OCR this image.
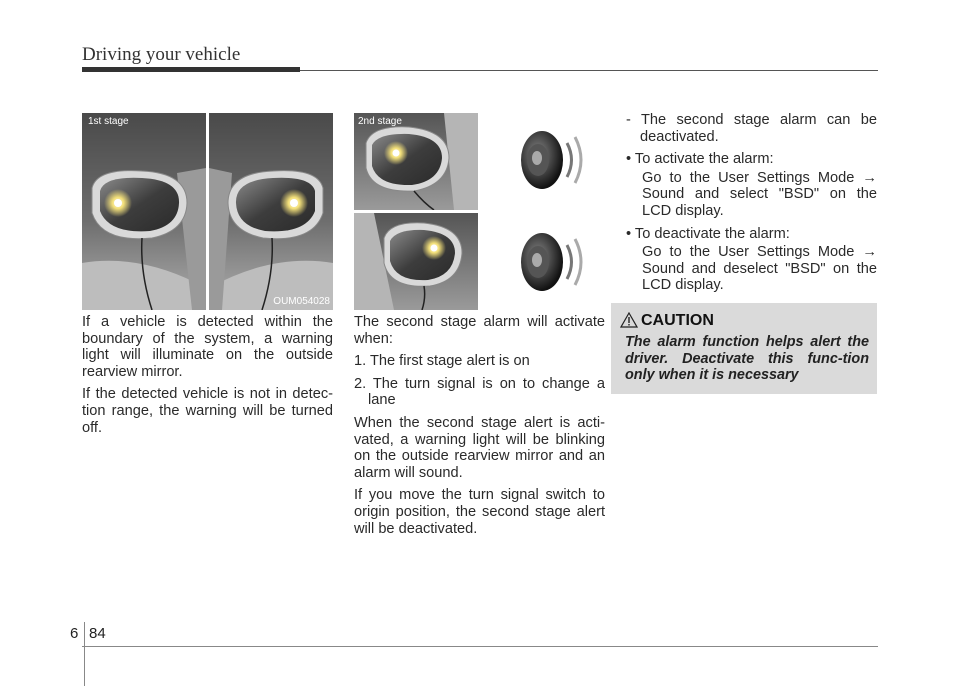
Driving your vehicle
1st stage
OUM054028
2nd stage
OUM054029

If a vehicle is detected within the boundary of the system, a warning light will illuminate on the outside rearview mirror.

If the detected vehicle is not in detec-tion range, the warning will be turned off.

The second stage alarm will activate when:

1. The first stage alert is on

2. The turn signal is on to change a lane

When the second stage alert is acti-vated, a warning light will be blinking on the outside rearview mirror and an alarm will sound.

If you move the turn signal switch to origin position, the second stage alert will be deactivated.

- The second stage alarm can be deactivated.

• To activate the alarm:

Go to the User Settings Mode → Sound and select "BSD" on the LCD display.

• To deactivate the alarm:

Go to the User Settings Mode → Sound and deselect "BSD" on the LCD display.

CAUTION
The alarm function helps alert the driver. Deactivate this func-tion only when it is necessary
6 84
